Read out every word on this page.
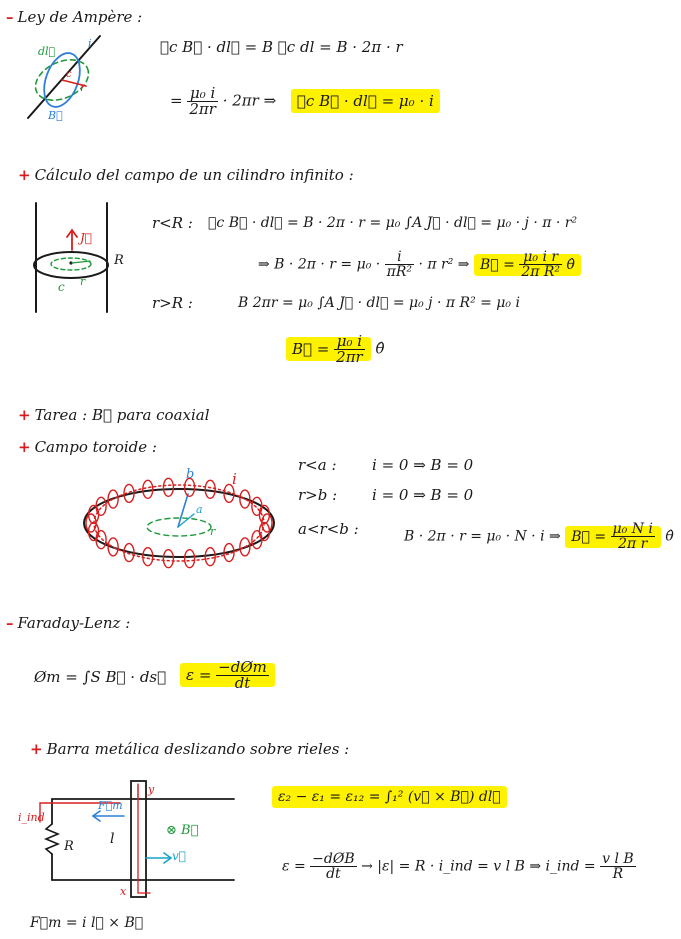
– Ley de Ampère :
dl⃗
r
B⃗
i
c
∮c B⃗ · dl⃗ = B ∮c dl = B · 2π · r
= $\frac{\text{μ₀ i}}{2\pi r} \cdot 2\pi r$ ⇒ ∮c B⃗ · dl⃗ = μ₀ · i
+ Cálculo del campo de un cilindro infinito :
J⃗
R
c r
r<R : ∮c B⃗ · dl⃗ = B · 2π · r = μ₀ ∫A J⃗ · dl⃗ = μ₀ · j · π · r²
⇒ $B \cdot 2\pi \cdot r = \mu_0 \cdot \frac{i}{\text{πR²}} \cdot \pi$ r² ⇒ B⃗ = $\frac{\text{μ₀ i r}}{\text{2π R²}}$ θ̂
r>R :	B 2πr = μ₀ ∫A J⃗ · dl⃗ = μ₀ j · π R² = μ₀ i
B⃗ = $\frac{\text{μ₀ i}}{2\pi r}$ θ̂
+ Tarea : B⃗ para coaxial
+ Campo toroide :
b
a
i
r
r<a : i = 0 ⇒ B = 0
r>b : i = 0 ⇒ B = 0
a<r<b :	B · 2π · r = μ₀ · N · i ⇒ B⃗ = $\frac{\text{μ₀ N i}}{\text{2π r}}$ θ̂
– Faraday-Lenz :
Øm = ∫S B⃗ · ds⃗	$\varepsilon = \frac{\text{−dØm}}{dt}$
+ Barra metálica deslizando sobre rieles :
i_ind
R
F⃗m
l
⊗ B⃗
v⃗
y
x
ε₂ − ε₁ = ε₁₂ = ∫₁² (v⃗ × B⃗) dl⃗
$\varepsilon = \frac{\text{−dØB}}{dt} \to |\varepsilon| = R$ · i_ind = v l B ⇒ i_ind = $\frac{\text{v l B}}{R}$
F⃗m = i l⃗ × B⃗
